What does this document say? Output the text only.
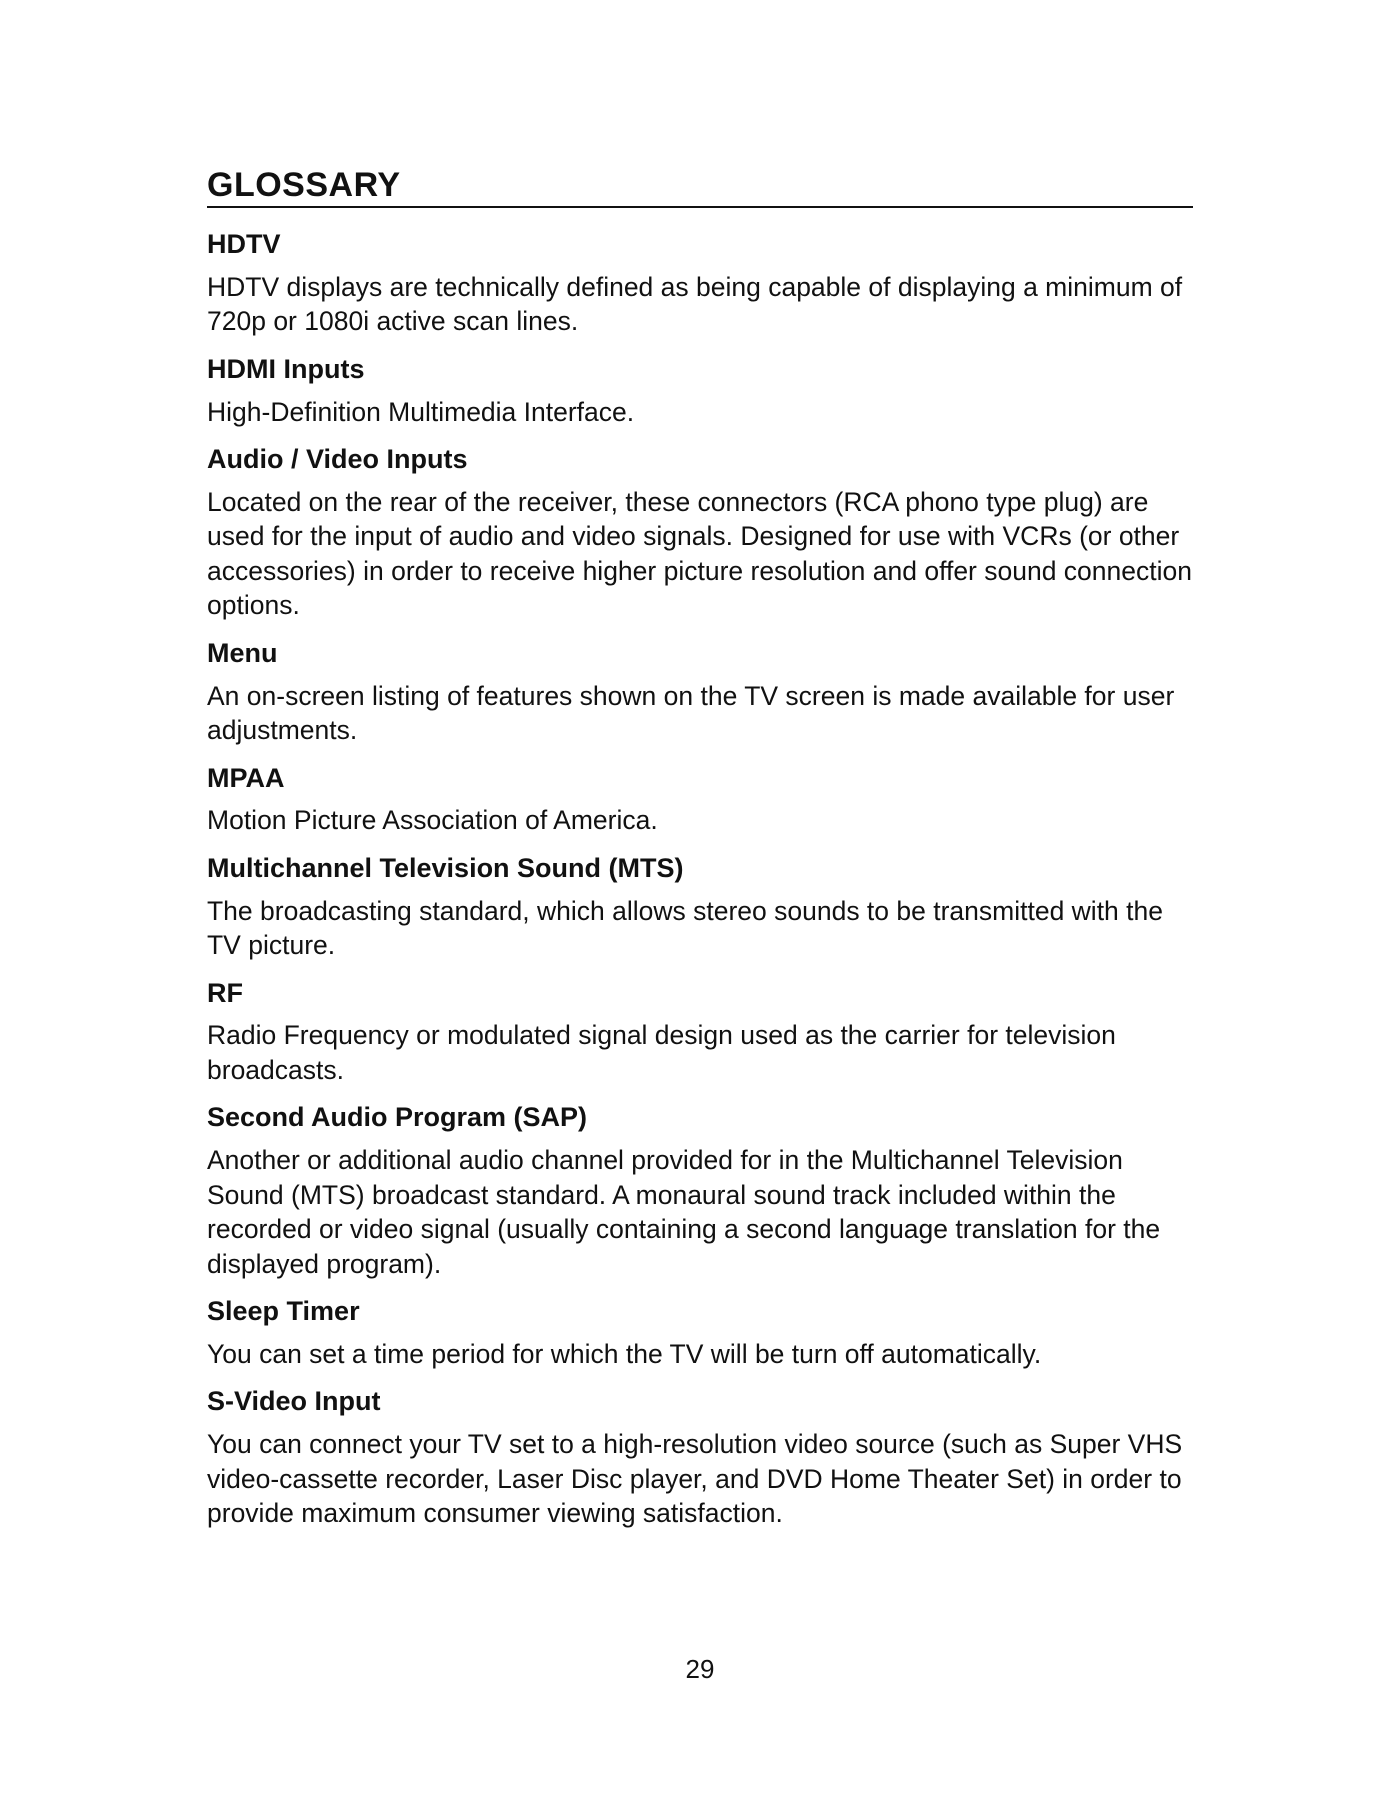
GLOSSARY
HDTV

HDTV displays are technically defined as being capable of displaying a minimum of 720p or 1080i active scan lines.

HDMI Inputs

High-Definition Multimedia Interface.

Audio / Video Inputs

Located on the rear of the receiver, these connectors (RCA phono type plug) are used for the input of audio and video signals. Designed for use with VCRs (or other accessories) in order to receive higher picture resolution and offer sound connection options.

Menu

An on-screen listing of features shown on the TV screen is made available for user adjustments.

MPAA

Motion Picture Association of America.

Multichannel Television Sound (MTS)

The broadcasting standard, which allows stereo sounds to be transmitted with the TV picture.

RF

Radio Frequency or modulated signal design used as the carrier for television broadcasts.

Second Audio Program (SAP)

Another or additional audio channel provided for in the Multichannel Television Sound (MTS) broadcast standard. A monaural sound track included within the recorded or video signal (usually containing a second language translation for the displayed program).

Sleep Timer

You can set a time period for which the TV will be turn off automatically.

S-Video Input

You can connect your TV set to a high-resolution video source (such as Super VHS video-cassette recorder, Laser Disc player, and DVD Home Theater Set) in order to provide maximum consumer viewing satisfaction.

29
